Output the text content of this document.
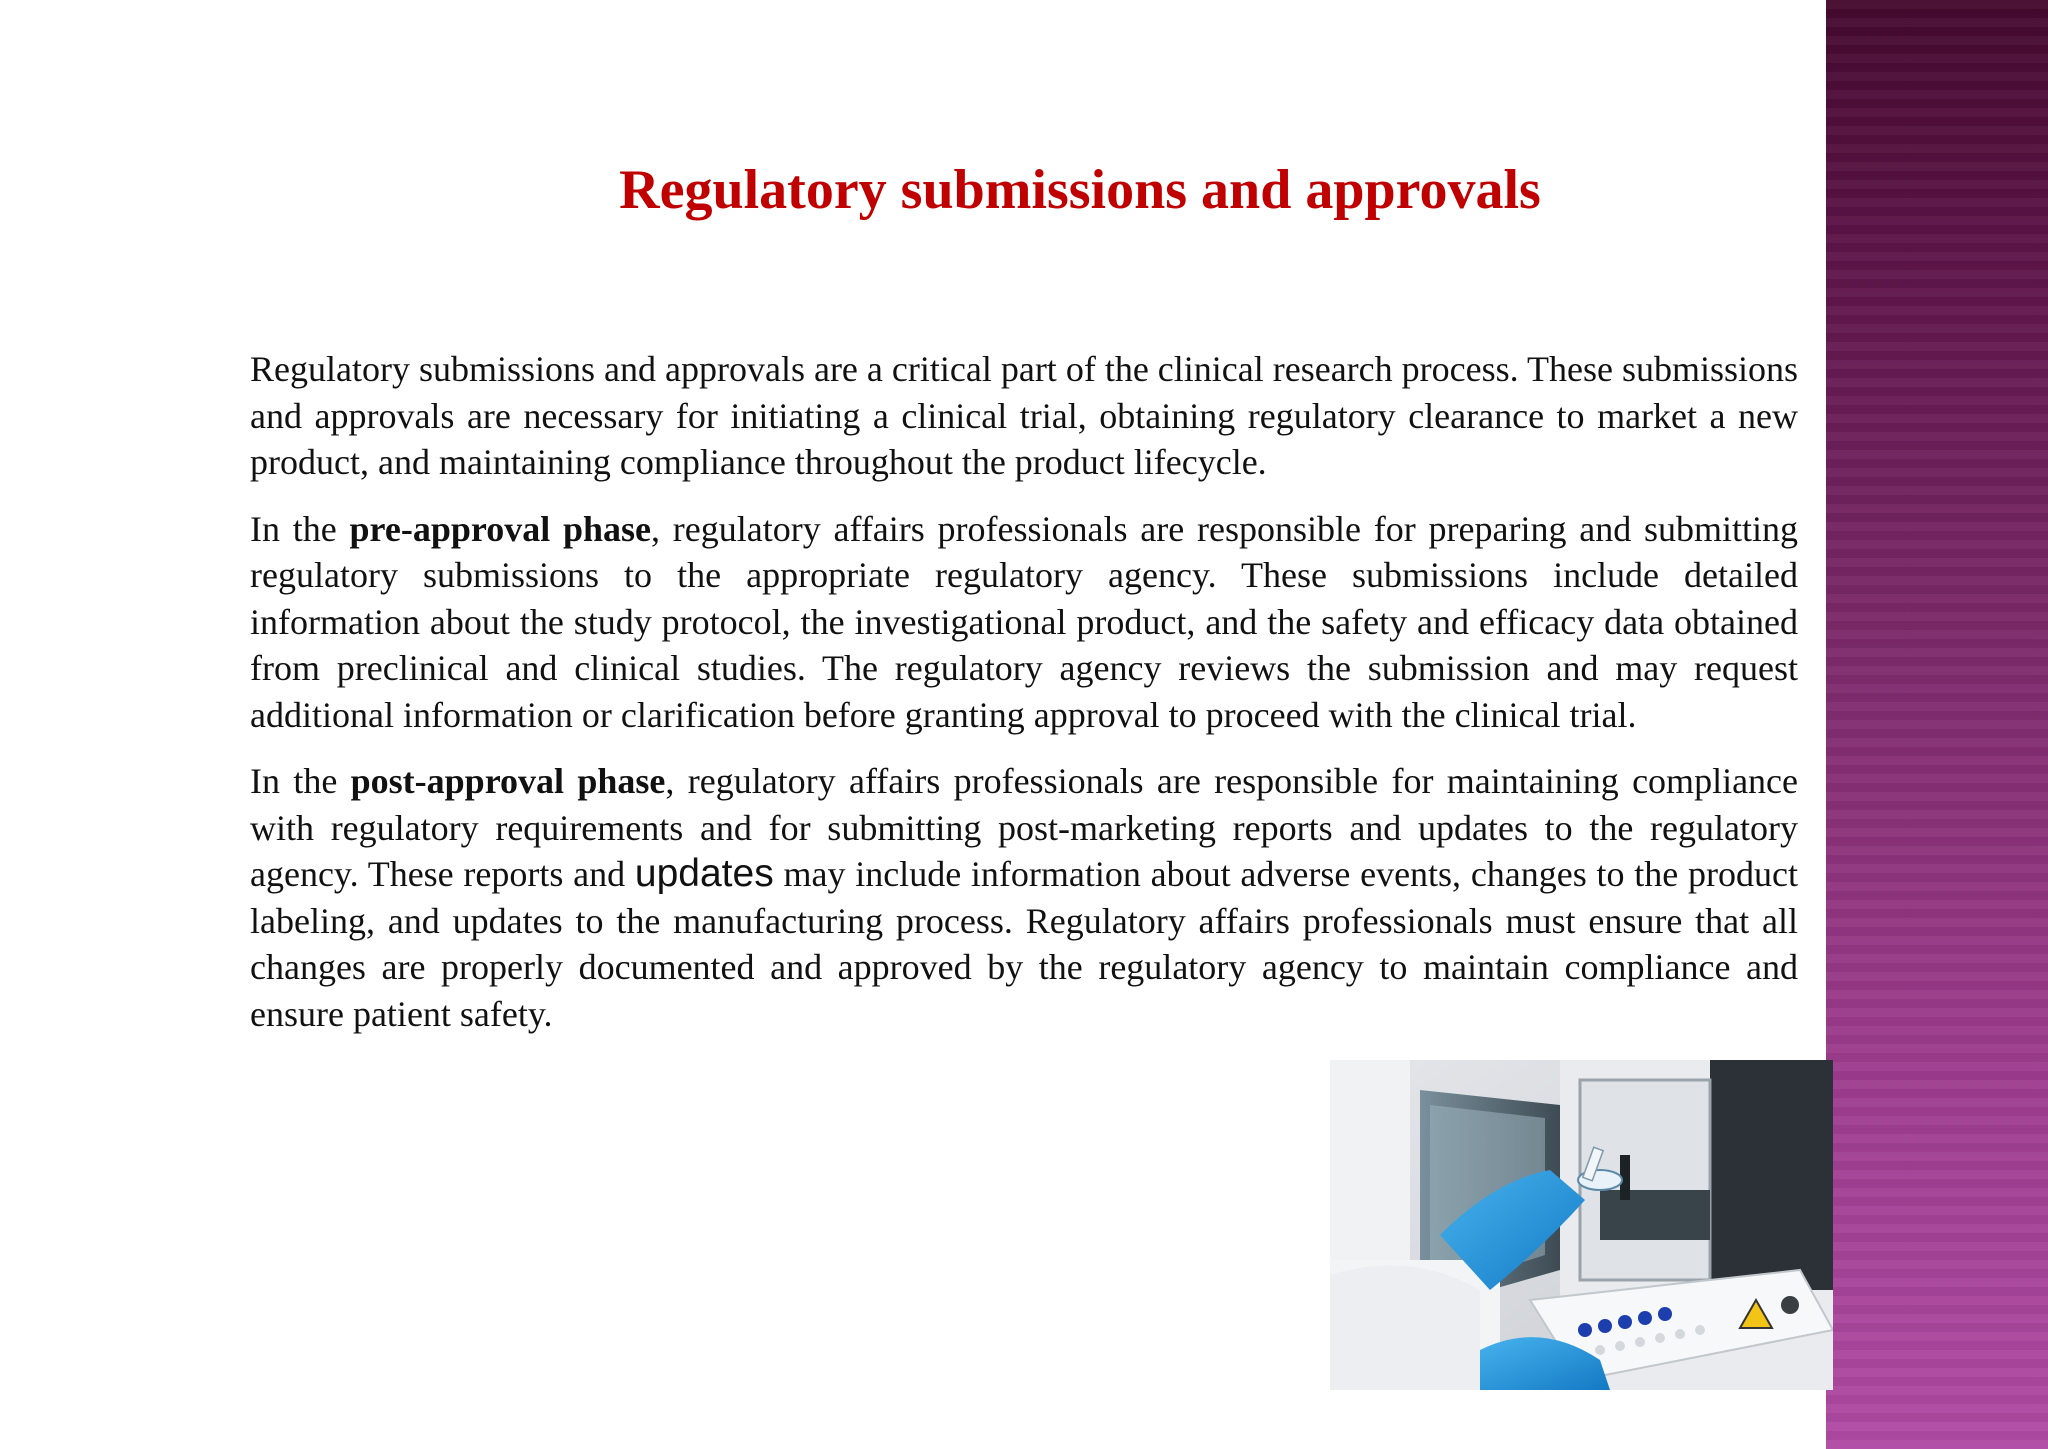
Regulatory submissions and approvals

Regulatory submissions and approvals are a critical part of the clinical research process. These submissions and approvals are necessary for initiating a clinical trial, obtaining regulatory clearance to market a new product, and maintaining compliance throughout the product lifecycle.

In the pre-approval phase, regulatory affairs professionals are responsible for preparing and submitting regulatory submissions to the appropriate regulatory agency. These submissions include detailed information about the study protocol, the investigational product, and the safety and efficacy data obtained from preclinical and clinical studies. The regulatory agency reviews the submission and may request additional information or clarification before granting approval to proceed with the clinical trial.

In the post-approval phase, regulatory affairs professionals are responsible for maintaining compliance with regulatory requirements and for submitting post-marketing reports and updates to the regulatory agency. These reports and updates may include information about adverse events, changes to the product labeling, and updates to the manufacturing process. Regulatory affairs professionals must ensure that all changes are properly documented and approved by the regulatory agency to maintain compliance and ensure patient safety.
